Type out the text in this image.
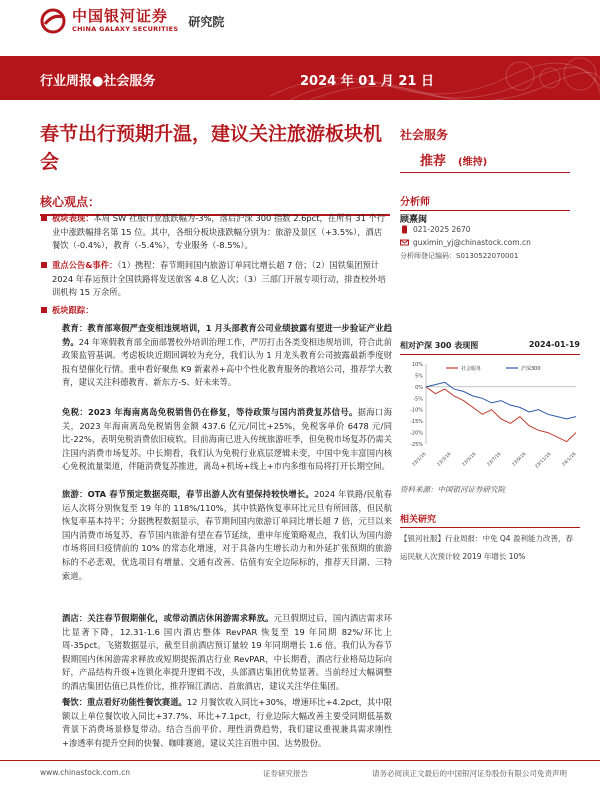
中国银河证券
CHINA GALAXY SECURITIES
研究院
行业周报●社会服务	2024 年 01 月 21 日
春节出行预期升温，建议关注旅游板块机会
社会服务
推荐 (维持)
核心观点：
板块表现：本周 SW 社服行业涨跌幅为-3%，落后沪深 300 指数 2.6pct，在所有 31 个行业中涨跌幅排名第 15 位。其中，各细分板块涨跌幅分别为：旅游及景区（+3.5%），酒店餐饮（-0.4%），教育（-5.4%），专业服务（-8.5%）。
重点公告&事件：（1）携程：春节期间国内旅游订单同比增长超 7 倍；（2）国铁集团预计 2024 年春运预计全国铁路将发送旅客 4.8 亿人次；（3）三部门开展专项行动，排查校外培训机构 15 万余所。
板块跟踪：
教育：教育部寒假严查变相违规培训，1 月头部教育公司业绩披露有望进一步验证产业趋势。24 年寒假教育部全面部署校外培训治理工作，严厉打击各类变相违规培训，符合此前政策监管基调。考虑板块近期回调较为充分，我们认为 1 月龙头教育公司披露最新季度财报有望催化行情。重申看好聚焦 K9 新素养+高中个性化教育服务的教培公司，推荐学大教育，建议关注科德教育、新东方-S、好未来等。
免税：2023 年海南离岛免税销售仍在修复，等待政策与国内消费复苏信号。据海口海关，2023 年海南离岛免税销售金额 437.6 亿元/同比+25%，免税客单价 6478 元/同比-22%，表明免税消费依旧疲软。目前海南已进入传统旅游旺季，但免税市场复苏仍需关注国内消费市场复苏。中长期看，我们认为免税行业底层逻辑未变，中国中免丰富国内核心免税流量渠道，伴随消费复苏推进，离岛+机场+线上+市内多维布局将打开长期空间。
旅游：OTA 春节预定数据亮眼，春节出游人次有望保持较快增长。2024 年铁路/民航春运人次将分别恢复至 19 年的 118%/110%，其中铁路恢复率环比元旦有所回落，但民航恢复率基本持平；分据携程数据显示，春节期间国内旅游订单同比增长超 7 倍，元旦以来国内消费市场复苏，春节国内旅游有望在春节延续，重申年度策略观点，我们认为国内游市场将回归疫情前的 10% 的常态化增速，对于具备内生增长动力和外延扩张预期的旅游标的不必悲观，优选项目有增量、交通有改善、估值有安全边际标的，推荐天目湖、三特索道。
酒店：关注春节假期催化，或带动酒店休闲游需求释放。元旦假期过后，国内酒店需求环比显著下降，12.31-1.6 国内酒店整体 RevPAR 恢复至 19 年同期 82%/环比上周-35pct。飞猪数据显示，截至目前酒店预订量较 19 年同期增长 1.6 倍。我们认为春节假期国内休闲游需求释放或短期提振酒店行业 RevPAR，中长期看，酒店行业格局边际向好，产品结构升级+连锁化率提升逻辑不改，头部酒店集团优势显著。当前经过大幅调整的酒店集团估值已具性价比，推荐锦江酒店、首旅酒店，建议关注华住集团。
餐饮：重点看好功能性餐饮赛道。12 月餐饮收入同比+30%，增速环比+4.2pct，其中限额以上单位餐饮收入同比+37.7%、环比+7.1pct，行业边际大幅改善主要受同期低基数背景下消费场景修复带动。结合当前平价、理性消费趋势，我们建议重视兼具需求刚性+渗透率有提升空间的快餐、咖啡赛道，建议关注百胜中国、达势股份。
分析师
顾熹闽
021-2025 2670
guximin_yj@chinastock.com.cn
分析师登记编码：S0130522070001
相对沪深 300 表现图	2024-01-19
10%
5%
0%
-5%
-10%
-15%
-20%
-25%
23/1/16 23/3/16 23/5/16 23/7/16 23/9/16 23/11/16 24/1/16
社会服务	沪深300
资料来源：中国银河证券研究院
相关研究
【银河社服】行业周报：中免 Q4 盈利能力改善，春运民航人次预计较 2019 年增长 10%
www.chinastock.com.cn	证券研究报告	请务必阅读正文最后的中国银河证券股份有限公司免责声明
